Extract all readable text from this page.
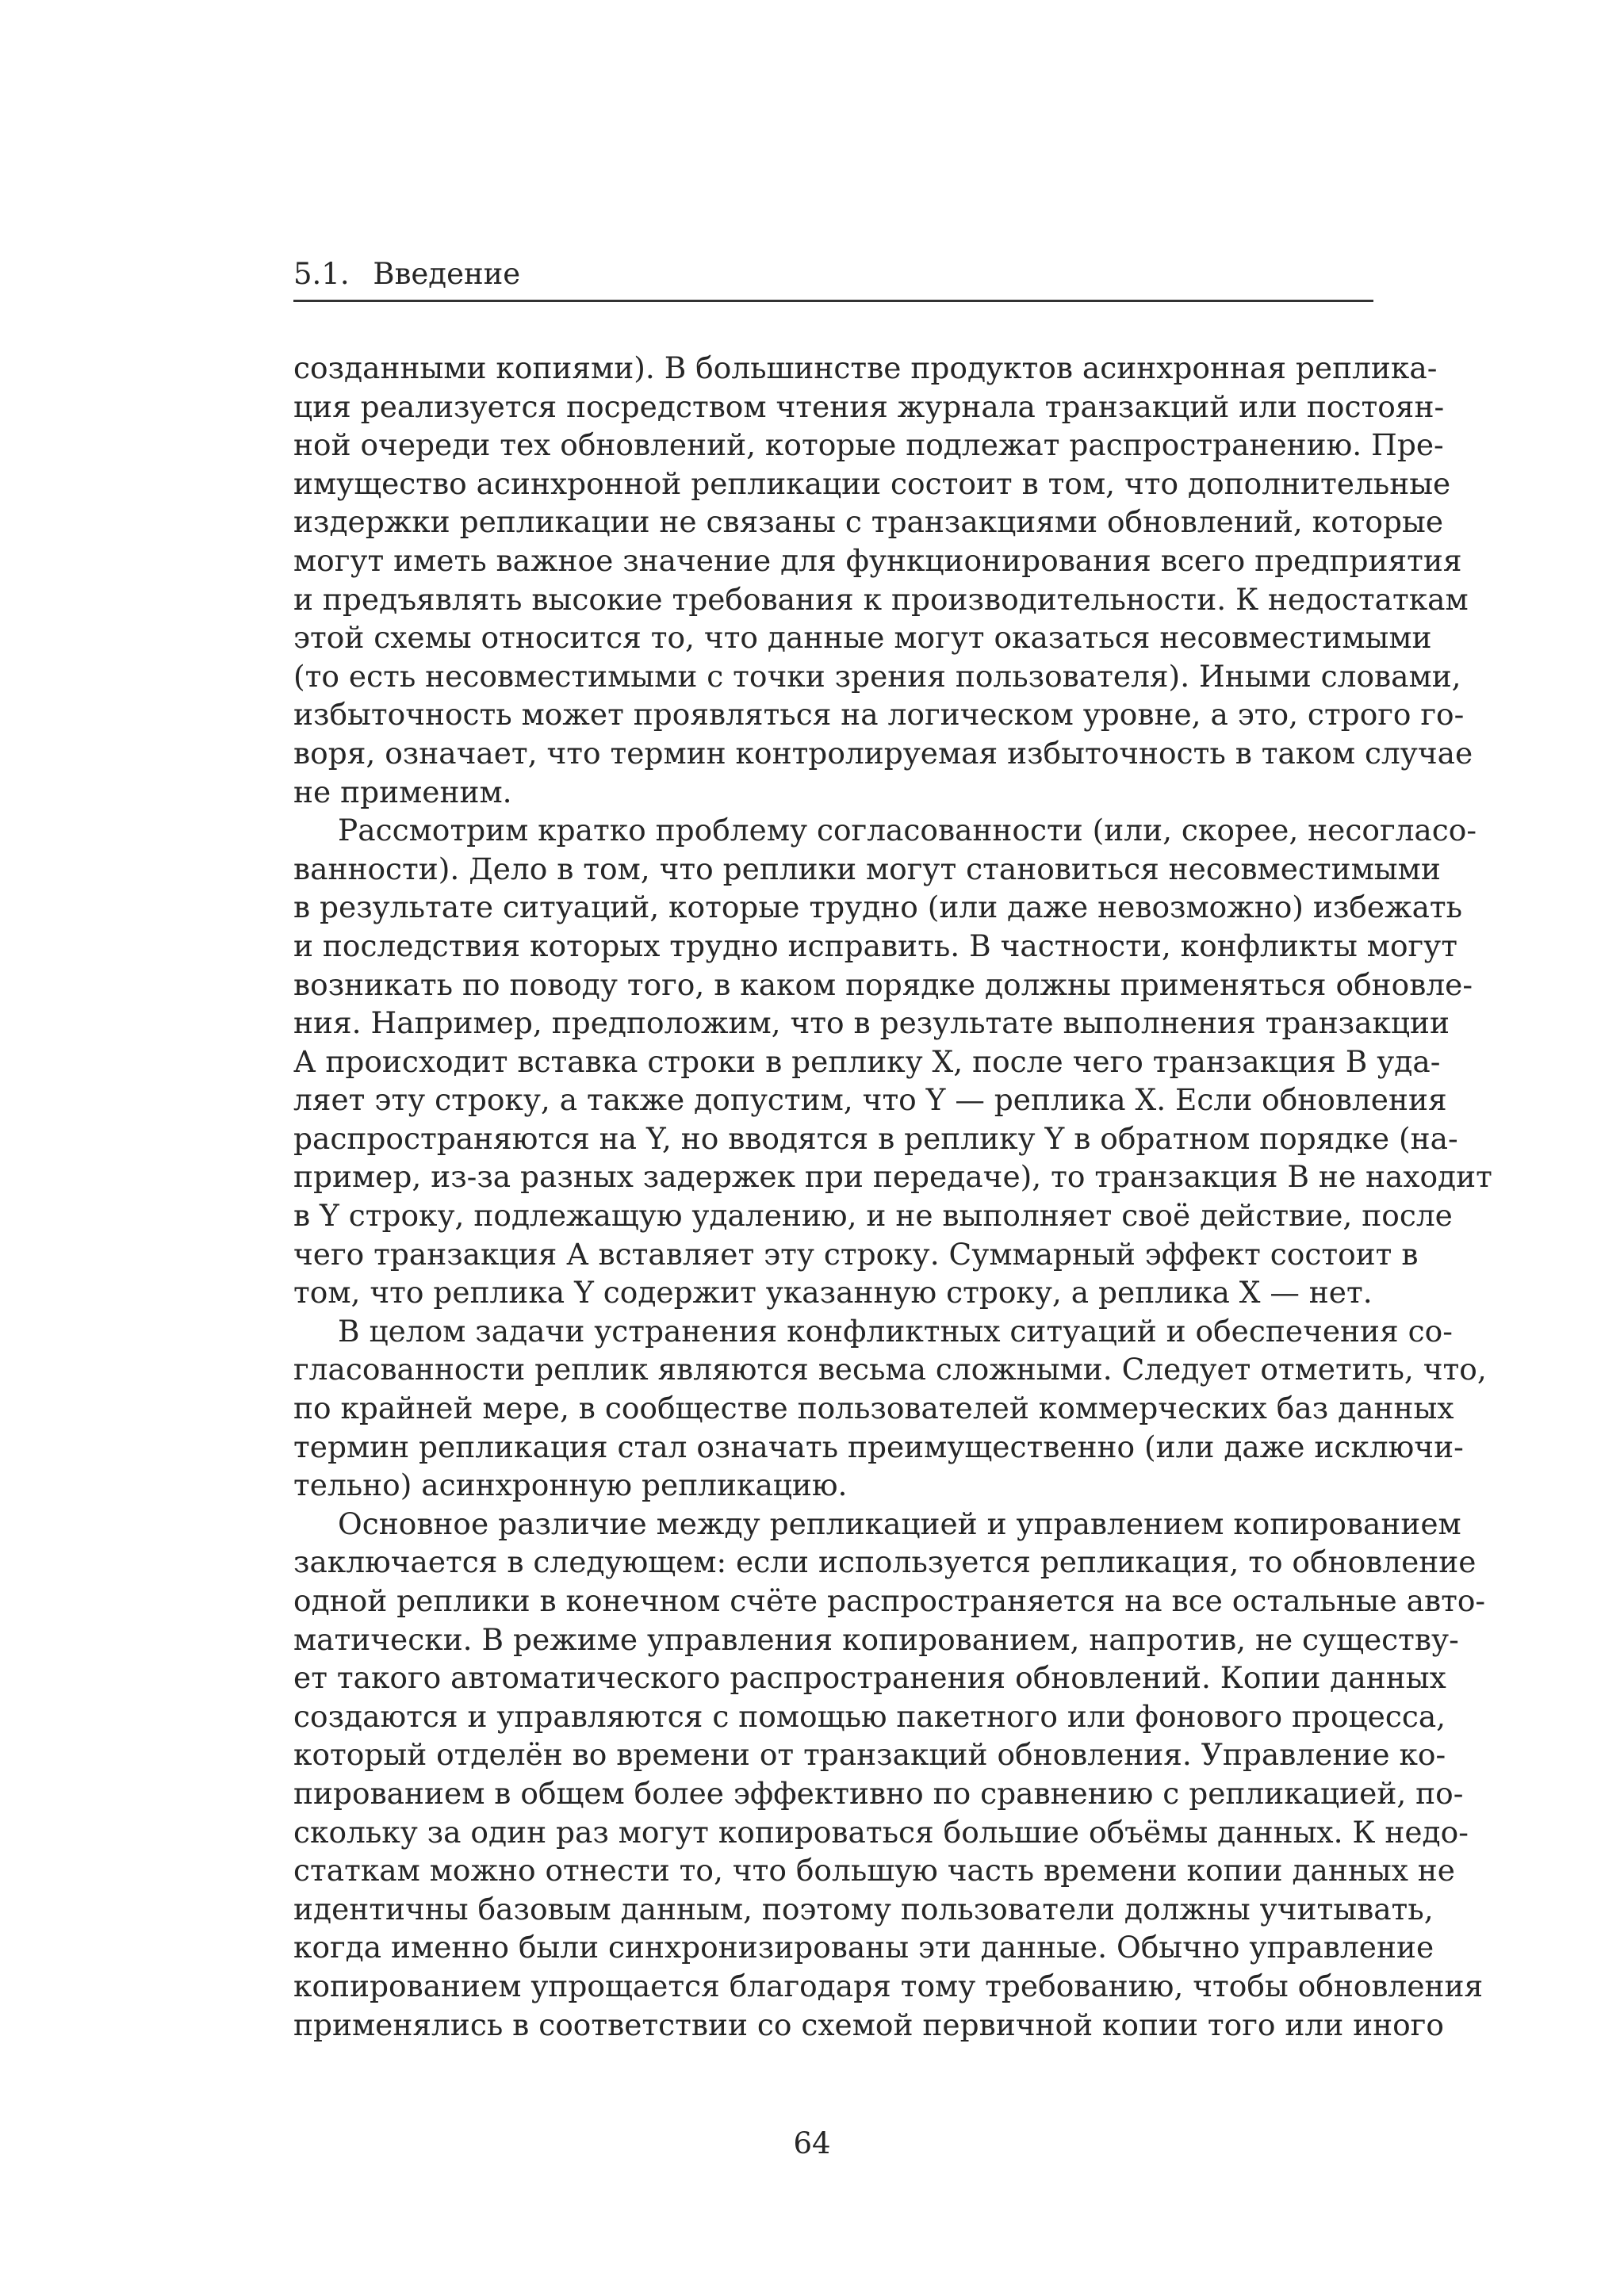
5.1. Введение
созданными копиями). В большинстве продуктов асинхронная реплика-
ция реализуется посредством чтения журнала транзакций или постоян-
ной очереди тех обновлений, которые подлежат распространению. Пре-
имущество асинхронной репликации состоит в том, что дополнительные
издержки репликации не связаны с транзакциями обновлений, которые
могут иметь важное значение для функционирования всего предприятия
и предъявлять высокие требования к производительности. К недостаткам
этой схемы относится то, что данные могут оказаться несовместимыми
(то есть несовместимыми с точки зрения пользователя). Иными словами,
избыточность может проявляться на логическом уровне, а это, строго го-
воря, означает, что термин контролируемая избыточность в таком случае
не применим.
Рассмотрим кратко проблему согласованности (или, скорее, несогласо-
ванности). Дело в том, что реплики могут становиться несовместимыми
в результате ситуаций, которые трудно (или даже невозможно) избежать
и последствия которых трудно исправить. В частности, конфликты могут
возникать по поводу того, в каком порядке должны применяться обновле-
ния. Например, предположим, что в результате выполнения транзакции
А происходит вставка строки в реплику X, после чего транзакция B уда-
ляет эту строку, а также допустим, что Y — реплика X. Если обновления
распространяются на Y, но вводятся в реплику Y в обратном порядке (на-
пример, из-за разных задержек при передаче), то транзакция B не находит
в Y строку, подлежащую удалению, и не выполняет своё действие, после
чего транзакция А вставляет эту строку. Суммарный эффект состоит в
том, что реплика Y содержит указанную строку, а реплика X — нет.
В целом задачи устранения конфликтных ситуаций и обеспечения со-
гласованности реплик являются весьма сложными. Следует отметить, что,
по крайней мере, в сообществе пользователей коммерческих баз данных
термин репликация стал означать преимущественно (или даже исключи-
тельно) асинхронную репликацию.
Основное различие между репликацией и управлением копированием
заключается в следующем: если используется репликация, то обновление
одной реплики в конечном счёте распространяется на все остальные авто-
матически. В режиме управления копированием, напротив, не существу-
ет такого автоматического распространения обновлений. Копии данных
создаются и управляются с помощью пакетного или фонового процесса,
который отделён во времени от транзакций обновления. Управление ко-
пированием в общем более эффективно по сравнению с репликацией, по-
скольку за один раз могут копироваться большие объёмы данных. К недо-
статкам можно отнести то, что большую часть времени копии данных не
идентичны базовым данным, поэтому пользователи должны учитывать,
когда именно были синхронизированы эти данные. Обычно управление
копированием упрощается благодаря тому требованию, чтобы обновления
применялись в соответствии со схемой первичной копии того или иного
64
